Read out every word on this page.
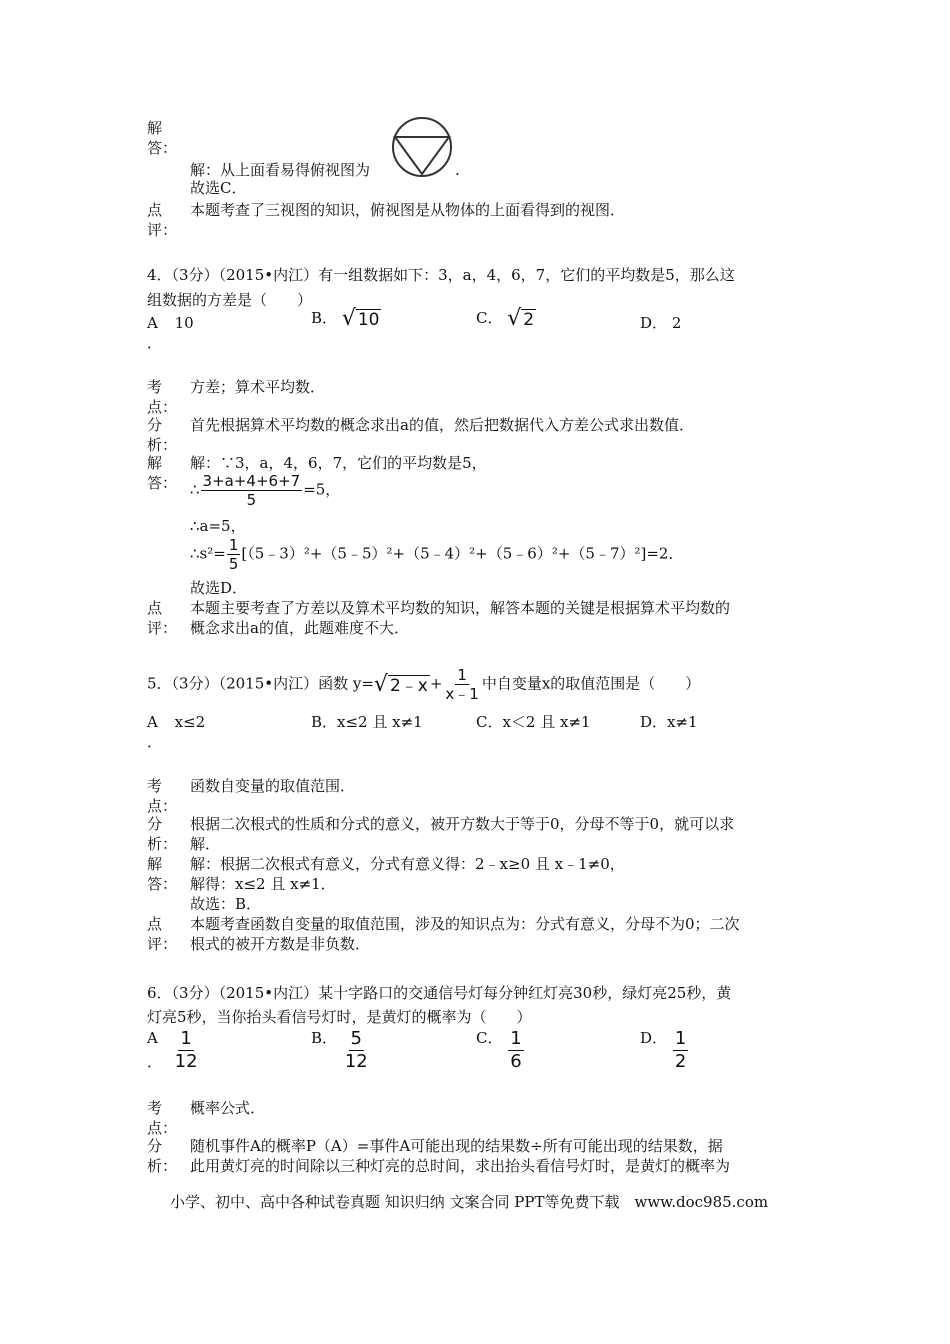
解
答：
解：从上面看易得俯视图为	.
故选C．
点
评：
本题考查了三视图的知识，俯视图是从物体的上面看得到的视图．
4．（3分）（2015•内江）有一组数据如下：3，a，4，6，7，它们的平均数是5，那么这
组数据的方差是（　　）
A 10
．
B． √ 10	C． √ 2	D． 2
考
点：
方差；算术平均数．
分
析：
首先根据算术平均数的概念求出a的值，然后把数据代入方差公式求出数值．
解
答：
解：∵3，a，4，6，7，它们的平均数是5，
∴ $\frac{3+a+4+6+7}{5} =5$，
∴a=5，
∴s²= $\frac{1}{5}$ [（5﹣3）²+（5﹣5）²+（5﹣4）²+（5﹣6）²+（5﹣7）²]=2．
故选D．
点
评：
本题主要考查了方差以及算术平均数的知识，解答本题的关键是根据算术平均数的
概念求出a的值，此题难度不大．
5．（3分）（2015•内江）函数 y= √ 2﹣x + $\frac{1}{x﹣1}$ 中自变量x的取值范围是（　　）
A x≤2
．
B．x≤2 且 x≠1	C．x＜2 且 x≠1	D．x≠1
考
点：
函数自变量的取值范围．
分
析：
根据二次根式的性质和分式的意义，被开方数大于等于0，分母不等于0，就可以求
解．
解
答：
解：根据二次根式有意义，分式有意义得：2﹣x≥0 且 x﹣1≠0，
解得：x≤2 且 x≠1．
故选：B．
点
评：
本题考查函数自变量的取值范围，涉及的知识点为：分式有意义，分母不为0；二次
根式的被开方数是非负数．
6．（3分）（2015•内江）某十字路口的交通信号灯每分钟红灯亮30秒，绿灯亮25秒，黄
灯亮5秒，当你抬头看信号灯时，是黄灯的概率为（　　）
A $\frac{1}{12}$
．
B． $\frac{5}{12}$	C． $\frac{1}{6}$	D． $\frac{1}{2}$
考
点：
概率公式．
分
析：
随机事件A的概率P（A）=事件A可能出现的结果数÷所有可能出现的结果数，据
此用黄灯亮的时间除以三种灯亮的总时间，求出抬头看信号灯时，是黄灯的概率为
小学、初中、高中各种试卷真题 知识归纳 文案合同 PPT等免费下载　www.doc985.com
